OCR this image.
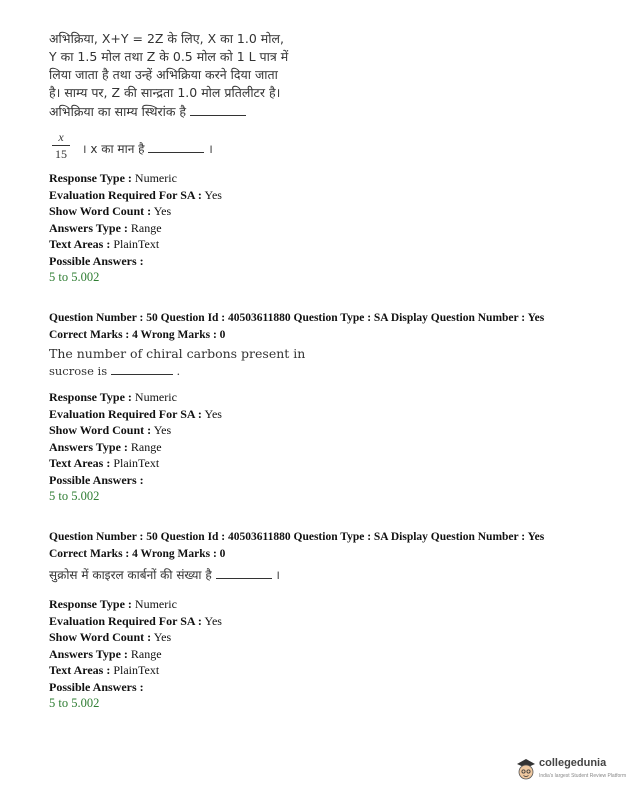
अभिक्रिया, X+Y = 2Z के लिए, X का 1.0 मोल,
Y का 1.5 मोल तथा Z के 0.5 मोल को 1 L पात्र में
लिया जाता है तथा उन्हें अभिक्रिया करने दिया जाता
है। साम्य पर, Z की सान्द्रता 1.0 मोल प्रतिलीटर है।
अभिक्रिया का साम्य स्थिरांक है
x
15 । x का मान है	।
Response Type : Numeric
Evaluation Required For SA : Yes
Show Word Count : Yes
Answers Type : Range
Text Areas : PlainText
Possible Answers :
5 to 5.002
Question Number : 50 Question Id : 40503611880 Question Type : SA Display Question Number : Yes
Correct Marks : 4 Wrong Marks : 0
The number of chiral carbons present in
sucrose is	.
Response Type : Numeric
Evaluation Required For SA : Yes
Show Word Count : Yes
Answers Type : Range
Text Areas : PlainText
Possible Answers :
5 to 5.002
Question Number : 50 Question Id : 40503611880 Question Type : SA Display Question Number : Yes
Correct Marks : 4 Wrong Marks : 0
सुक्रोस में काइरल कार्बनों की संख्या है	।
Response Type : Numeric
Evaluation Required For SA : Yes
Show Word Count : Yes
Answers Type : Range
Text Areas : PlainText
Possible Answers :
5 to 5.002
collegedunia
India's largest Student Review Platform
